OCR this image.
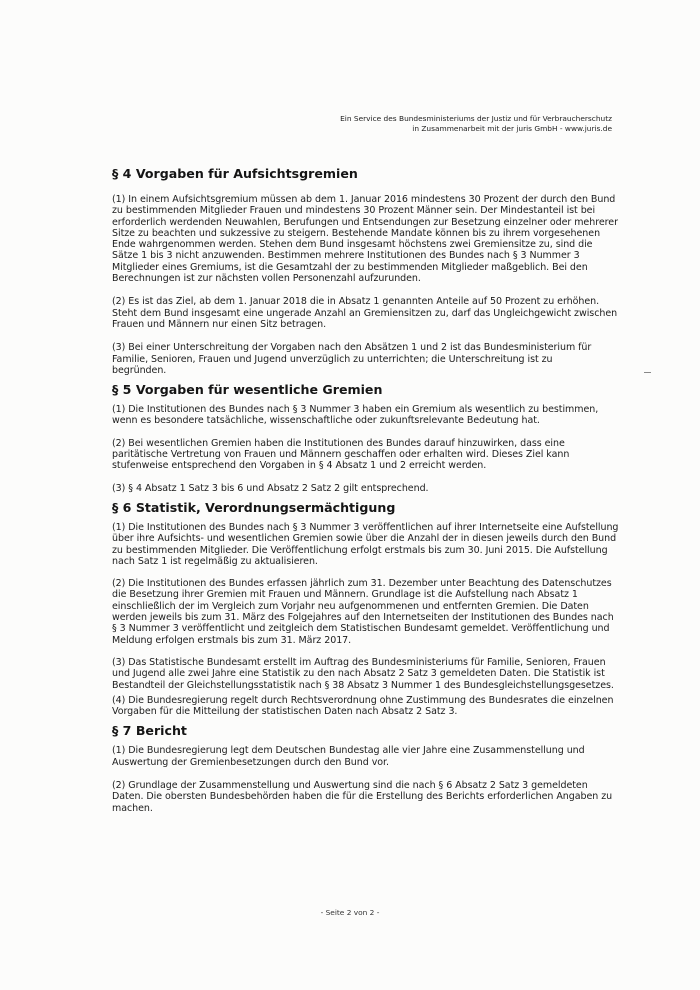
Ein Service des Bundesministeriums der Justiz und für Verbraucherschutz
in Zusammenarbeit mit der juris GmbH - www.juris.de
§ 4 Vorgaben für Aufsichtsgremien

(1) In einem Aufsichtsgremium müssen ab dem 1. Januar 2016 mindestens 30 Prozent der durch den Bund zu bestimmenden Mitglieder Frauen und mindestens 30 Prozent Männer sein. Der Mindestanteil ist bei erforderlich werdenden Neuwahlen, Berufungen und Entsendungen zur Besetzung einzelner oder mehrerer Sitze zu beachten und sukzessive zu steigern. Bestehende Mandate können bis zu ihrem vorgesehenen Ende wahrgenommen werden. Stehen dem Bund insgesamt höchstens zwei Gremiensitze zu, sind die Sätze 1 bis 3 nicht anzuwenden. Bestimmen mehrere Institutionen des Bundes nach § 3 Nummer 3 Mitglieder eines Gremiums, ist die Gesamtzahl der zu bestimmenden Mitglieder maßgeblich. Bei den Berechnungen ist zur nächsten vollen Personenzahl aufzurunden.

(2) Es ist das Ziel, ab dem 1. Januar 2018 die in Absatz 1 genannten Anteile auf 50 Prozent zu erhöhen. Steht dem Bund insgesamt eine ungerade Anzahl an Gremiensitzen zu, darf das Ungleichgewicht zwischen Frauen und Männern nur einen Sitz betragen.

(3) Bei einer Unterschreitung der Vorgaben nach den Absätzen 1 und 2 ist das Bundesministerium für Familie, Senioren, Frauen und Jugend unverzüglich zu unterrichten; die Unterschreitung ist zu begründen.

§ 5 Vorgaben für wesentliche Gremien

(1) Die Institutionen des Bundes nach § 3 Nummer 3 haben ein Gremium als wesentlich zu bestimmen, wenn es besondere tatsächliche, wissenschaftliche oder zukunftsrelevante Bedeutung hat.

(2) Bei wesentlichen Gremien haben die Institutionen des Bundes darauf hinzuwirken, dass eine paritätische Vertretung von Frauen und Männern geschaffen oder erhalten wird. Dieses Ziel kann stufenweise entsprechend den Vorgaben in § 4 Absatz 1 und 2 erreicht werden.

(3) § 4 Absatz 1 Satz 3 bis 6 und Absatz 2 Satz 2 gilt entsprechend.

§ 6 Statistik, Verordnungsermächtigung

(1) Die Institutionen des Bundes nach § 3 Nummer 3 veröffentlichen auf ihrer Internetseite eine Aufstellung über ihre Aufsichts- und wesentlichen Gremien sowie über die Anzahl der in diesen jeweils durch den Bund zu bestimmenden Mitglieder. Die Veröffentlichung erfolgt erstmals bis zum 30. Juni 2015. Die Aufstellung nach Satz 1 ist regelmäßig zu aktualisieren.

(2) Die Institutionen des Bundes erfassen jährlich zum 31. Dezember unter Beachtung des Datenschutzes die Besetzung ihrer Gremien mit Frauen und Männern. Grundlage ist die Aufstellung nach Absatz 1 einschließlich der im Vergleich zum Vorjahr neu aufgenommenen und entfernten Gremien. Die Daten werden jeweils bis zum 31. März des Folgejahres auf den Internetseiten der Institutionen des Bundes nach § 3 Nummer 3 veröffentlicht und zeitgleich dem Statistischen Bundesamt gemeldet. Veröffentlichung und Meldung erfolgen erstmals bis zum 31. März 2017.

(3) Das Statistische Bundesamt erstellt im Auftrag des Bundesministeriums für Familie, Senioren, Frauen und Jugend alle zwei Jahre eine Statistik zu den nach Absatz 2 Satz 3 gemeldeten Daten. Die Statistik ist Bestandteil der Gleichstellungsstatistik nach § 38 Absatz 3 Nummer 1 des Bundesgleichstellungsgesetzes.

(4) Die Bundesregierung regelt durch Rechtsverordnung ohne Zustimmung des Bundesrates die einzelnen Vorgaben für die Mitteilung der statistischen Daten nach Absatz 2 Satz 3.

§ 7 Bericht

(1) Die Bundesregierung legt dem Deutschen Bundestag alle vier Jahre eine Zusammenstellung und Auswertung der Gremienbesetzungen durch den Bund vor.

(2) Grundlage der Zusammenstellung und Auswertung sind die nach § 6 Absatz 2 Satz 3 gemeldeten Daten. Die obersten Bundesbehörden haben die für die Erstellung des Berichts erforderlichen Angaben zu machen.

- Seite 2 von 2 -
